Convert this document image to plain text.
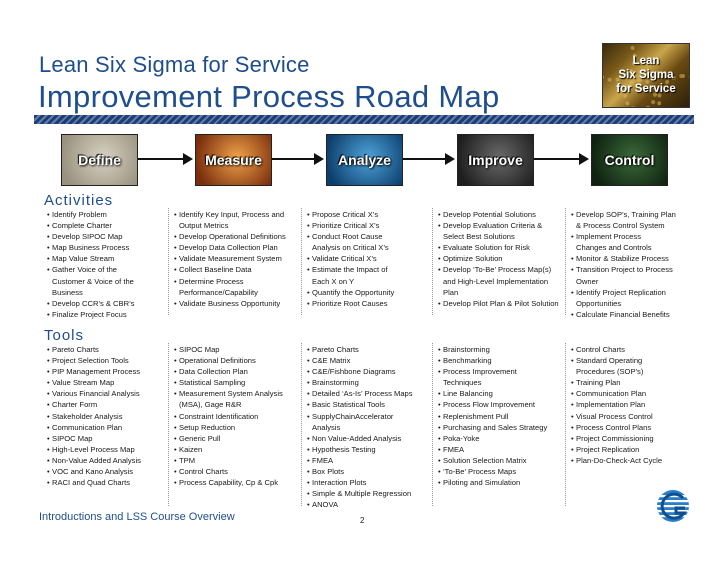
Lean Six Sigma for Service
Improvement Process Road Map
Lean
Six Sigma
for Service
Define	Measure	Analyze	Improve	Control
Activities
Tools
• Identify Problem
• Complete Charter
• Develop SIPOC Map
• Map Business Process
• Map Value Stream
• Gather Voice of the
Customer & Voice of the
Business
• Develop CCR’s & CBR’s
• Finalize Project Focus
• Identify Key Input, Process and
Output Metrics
• Develop Operational Definitions
• Develop Data Collection Plan
• Validate Measurement System
• Collect Baseline Data
• Determine Process
Performance/Capability
• Validate Business Opportunity
• Propose Critical X’s
• Prioritize Critical X’s
• Conduct Root Cause
Analysis on Critical X’s
• Validate Critical X’s
• Estimate the Impact of
Each X on Y
• Quantify the Opportunity
• Prioritize Root Causes
• Develop Potential Solutions
• Develop Evaluation Criteria &
Select Best Solutions
• Evaluate Solution for Risk
• Optimize Solution
• Develop ‘To-Be’ Process Map(s)
and High-Level Implementation
Plan
• Develop Pilot Plan & Pilot Solution
• Develop SOP’s, Training Plan
& Process Control System
• Implement Process
Changes and Controls
• Monitor & Stabilize Process
• Transition Project to Process
Owner
• Identify Project Replication
Opportunities
• Calculate Financial Benefits
• Pareto Charts
• Project Selection Tools
• PIP Management Process
• Value Stream Map
• Various Financial Analysis
• Charter Form
• Stakeholder Analysis
• Communication Plan
• SIPOC Map
• High-Level Process Map
• Non-Value Added Analysis
• VOC and Kano Analysis
• RACI and Quad Charts
• SIPOC Map
• Operational Definitions
• Data Collection Plan
• Statistical Sampling
• Measurement System Analysis
(MSA), Gage R&R
• Constraint Identification
• Setup Reduction
• Generic Pull
• Kaizen
• TPM
• Control Charts
• Process Capability, Cp & Cpk
• Pareto Charts
• C&E Matrix
• C&E/Fishbone Diagrams
• Brainstorming
• Detailed ‘As-Is’ Process Maps
• Basic Statistical Tools
• SupplyChainAccelerator
Analysis
• Non Value-Added Analysis
• Hypothesis Testing
• FMEA
• Box Plots
• Interaction Plots
• Simple & Multiple Regression
• ANOVA
• Brainstorming
• Benchmarking
• Process Improvement
Techniques
• Line Balancing
• Process Flow Improvement
• Replenishment Pull
• Purchasing and Sales Strategy
• Poka-Yoke
• FMEA
• Solution Selection Matrix
• ‘To-Be’ Process Maps
• Piloting and Simulation
• Control Charts
• Standard Operating
Procedures (SOP’s)
• Training Plan
• Communication Plan
• Implementation Plan
• Visual Process Control
• Process Control Plans
• Project Commissioning
• Project Replication
• Plan-Do-Check-Act Cycle
Introductions and LSS Course Overview	2
